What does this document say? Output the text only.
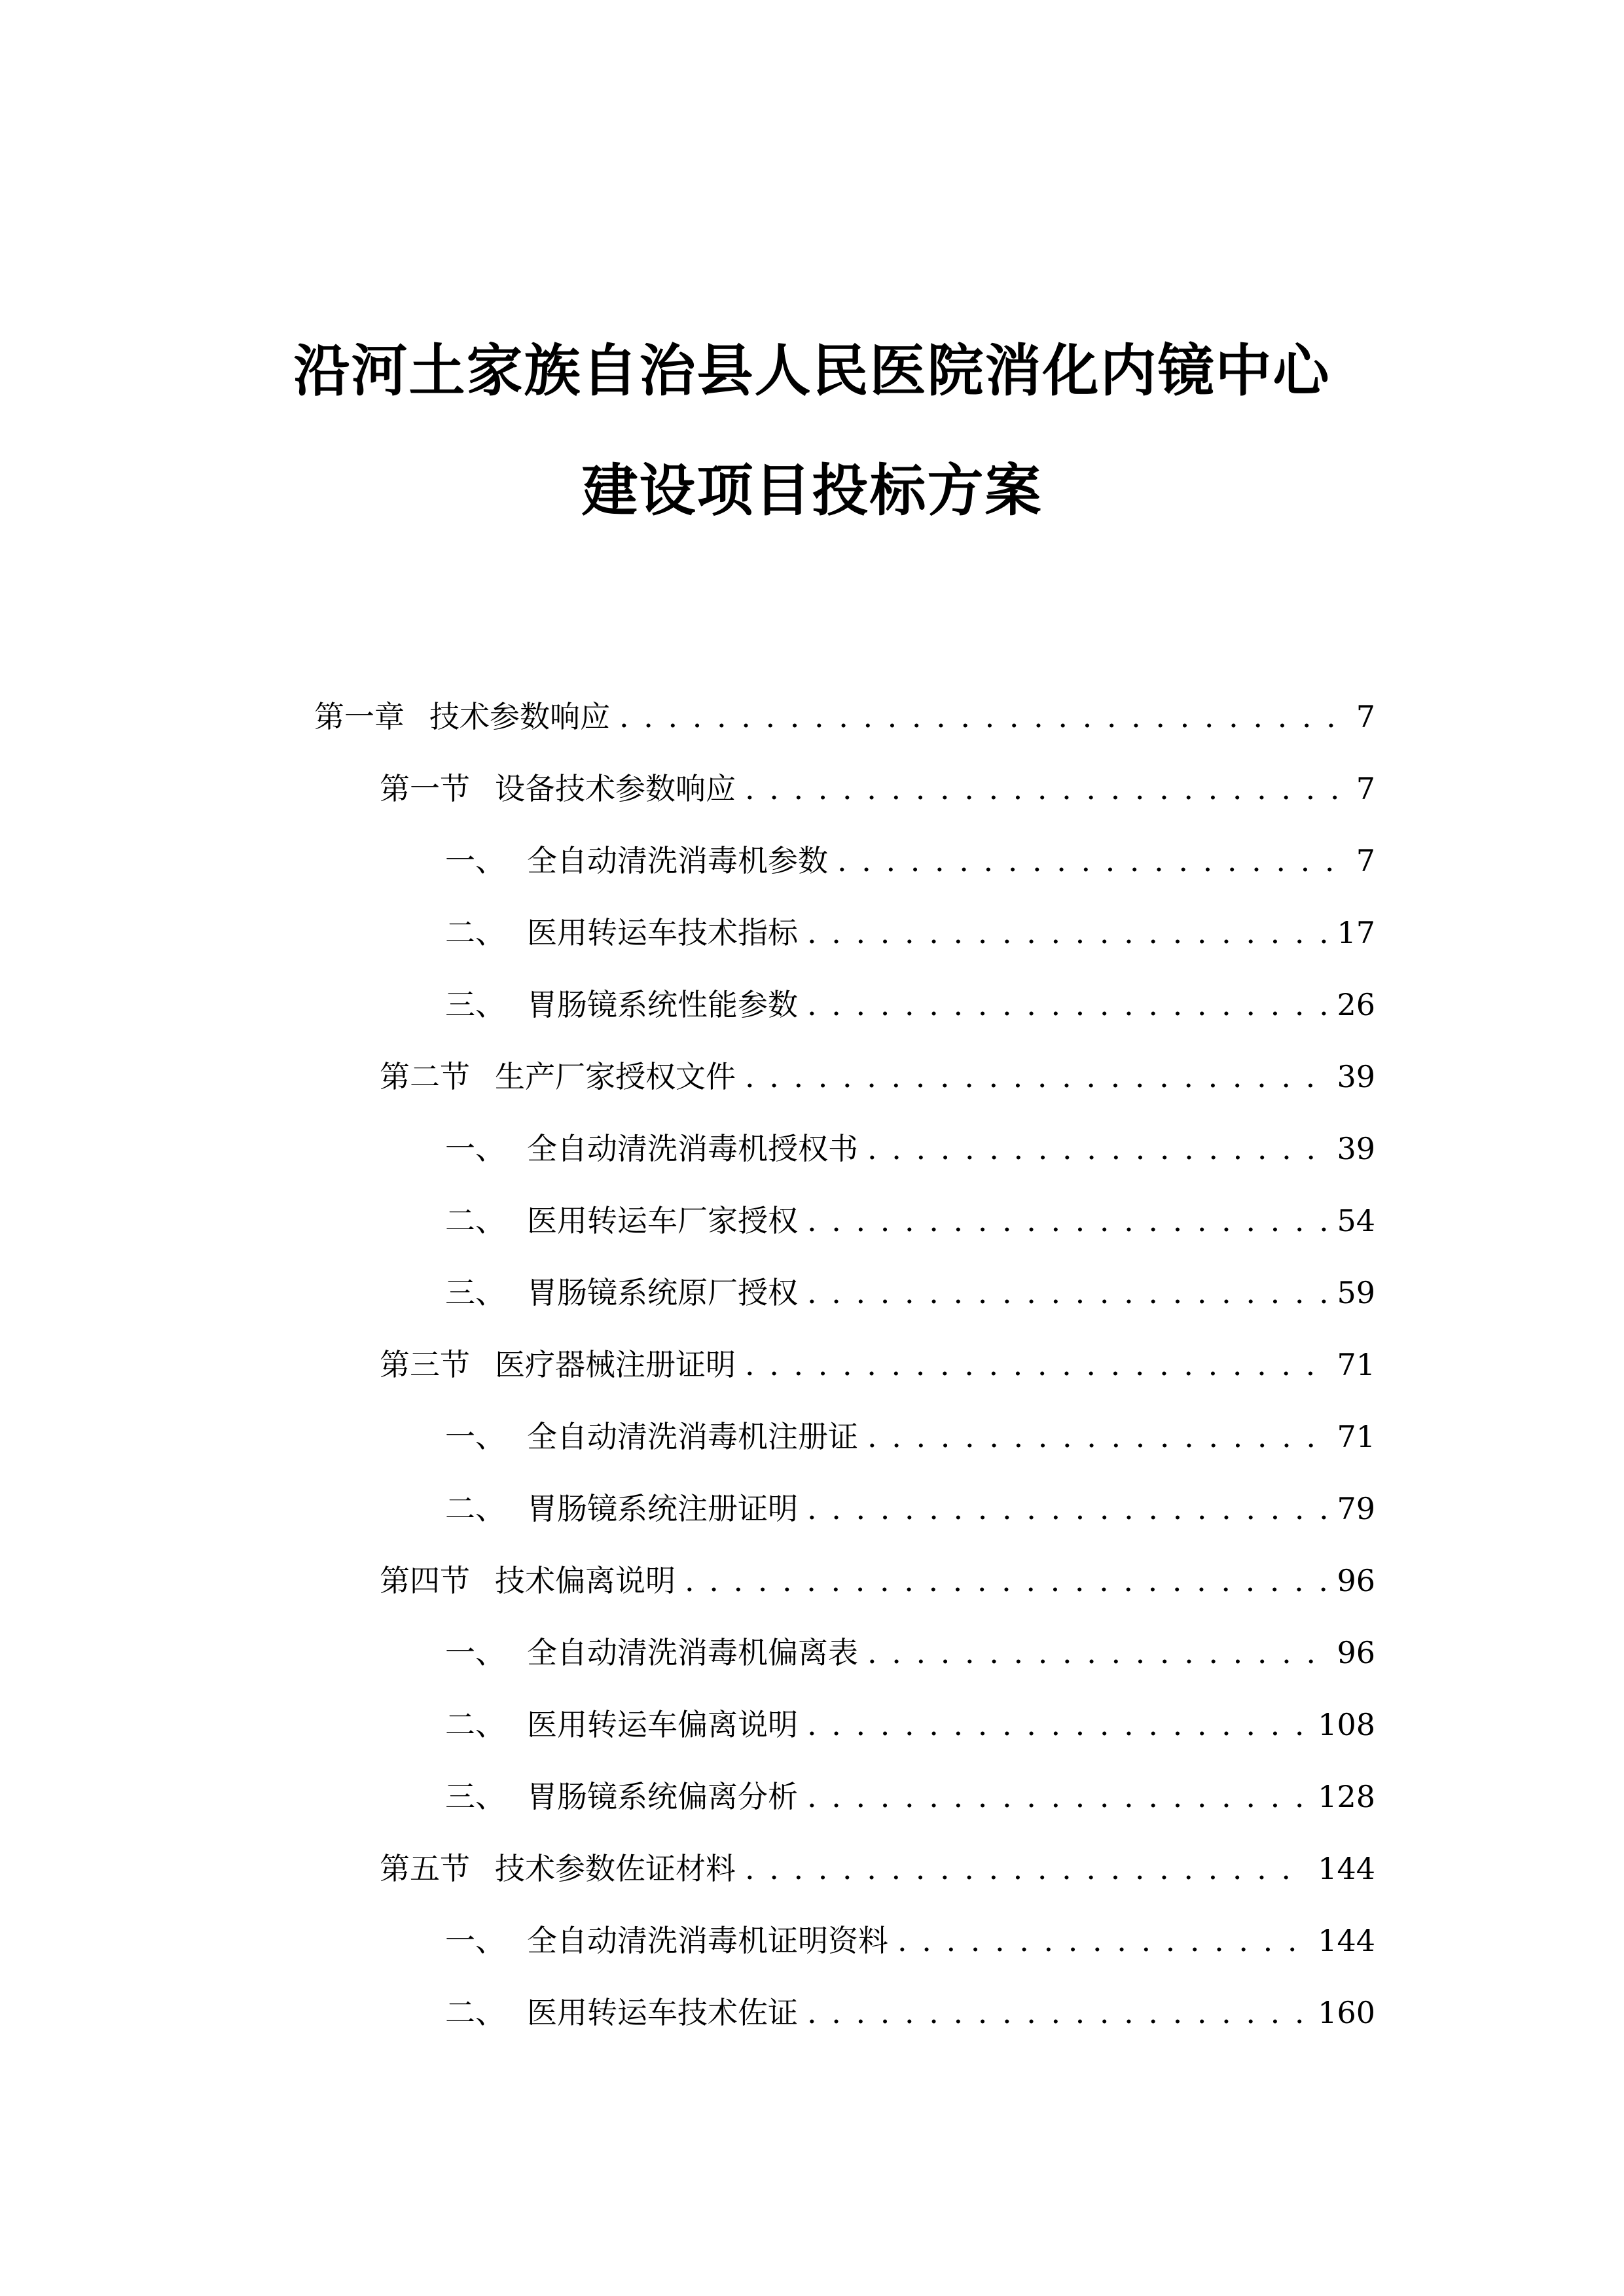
沿河土家族自治县人民医院消化内镜中心
建设项目投标方案
第一章 技术参数响应 . . .	7
第一节 设备技术参数响应 . . .	7
一、 全自动清洗消毒机参数 . . .	7
二、 医用转运车技术指标 . . .	17
三、 胃肠镜系统性能参数 . . .	26
第二节 生产厂家授权文件 . . .	39
一、 全自动清洗消毒机授权书 . . .	39
二、 医用转运车厂家授权 . . .	54
三、 胃肠镜系统原厂授权 . . .	59
第三节 医疗器械注册证明 . . .	71
一、 全自动清洗消毒机注册证 . . .	71
二、 胃肠镜系统注册证明 . . .	79
第四节 技术偏离说明 . . .	96
一、 全自动清洗消毒机偏离表 . . .	96
二、 医用转运车偏离说明 . . .	108
三、 胃肠镜系统偏离分析 . . .	128
第五节 技术参数佐证材料 . . .	144
一、 全自动清洗消毒机证明资料 . . .	144
二、 医用转运车技术佐证 . . .	160
